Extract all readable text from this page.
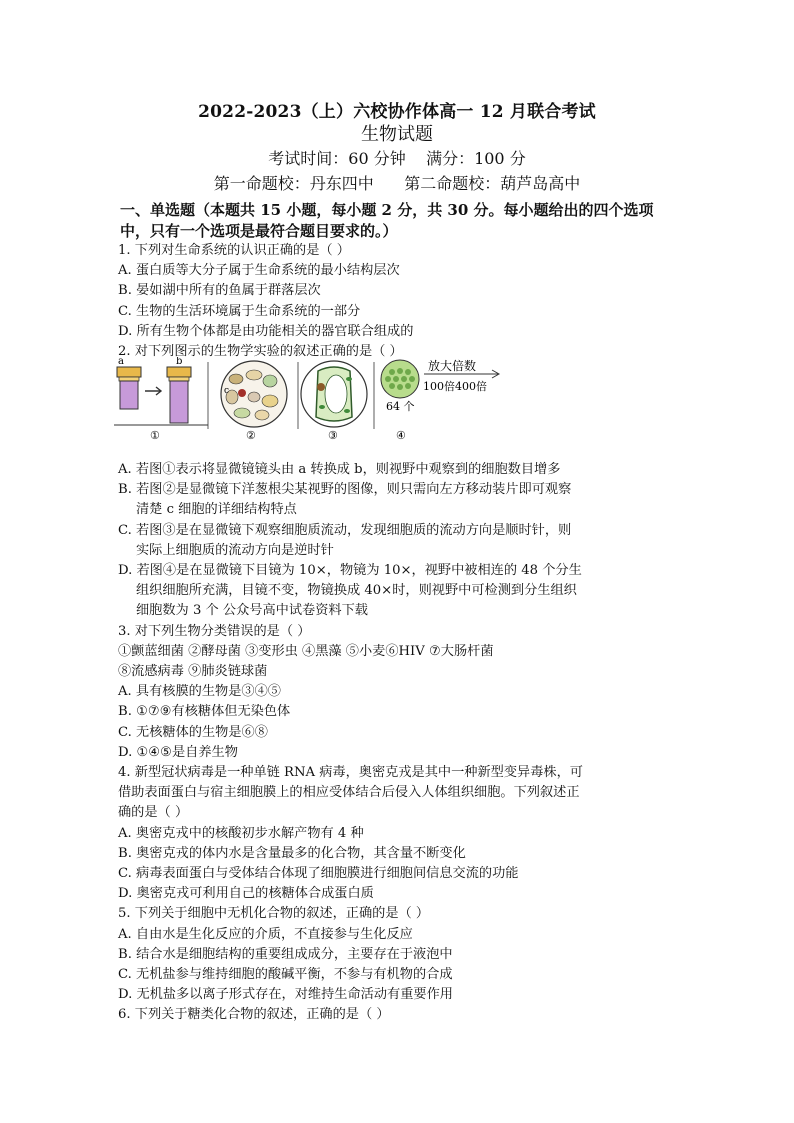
2022-2023（上）六校协作体高一 12 月联合考试
生物试题
考试时间：60 分钟    满分：100 分
第一命题校：丹东四中      第二命题校：葫芦岛高中
一、单选题（本题共 15 小题，每小题 2 分，共 30 分。每小题给出的四个选项
中，只有一个选项是最符合题目要求的。）
1. 下列对生命系统的认识正确的是（ ）
A. 蛋白质等大分子属于生命系统的最小结构层次
B. 晏如湖中所有的鱼属于群落层次
C. 生物的生活环境属于生命系统的一部分
D. 所有生物个体都是由功能相关的器官联合组成的
2. 对下列图示的生物学实验的叙述正确的是（ ）
a	b
①
c
②	③
64 个
放大倍数
100倍400倍
④
A. 若图①表示将显微镜镜头由 a 转换成 b，则视野中观察到的细胞数目增多
B. 若图②是显微镜下洋葱根尖某视野的图像，则只需向左方移动装片即可观察
清楚 c 细胞的详细结构特点
C. 若图③是在显微镜下观察细胞质流动，发现细胞质的流动方向是顺时针，则
实际上细胞质的流动方向是逆时针
D. 若图④是在显微镜下目镜为 10×，物镜为 10×，视野中被相连的 48 个分生
组织细胞所充满，目镜不变，物镜换成 40×时，则视野中可检测到分生组织
细胞数为 3 个 公众号高中试卷资料下载
3. 对下列生物分类错误的是（ ）
①颤蓝细菌 ②酵母菌 ③变形虫 ④黑藻 ⑤小麦⑥HIV ⑦大肠杆菌
⑧流感病毒 ⑨肺炎链球菌
A. 具有核膜的生物是③④⑤
B. ①⑦⑨有核糖体但无染色体
C. 无核糖体的生物是⑥⑧
D. ①④⑤是自养生物
4. 新型冠状病毒是一种单链 RNA 病毒，奥密克戎是其中一种新型变异毒株，可
借助表面蛋白与宿主细胞膜上的相应受体结合后侵入人体组织细胞。下列叙述正
确的是（ ）
A. 奥密克戎中的核酸初步水解产物有 4 种
B. 奥密克戎的体内水是含量最多的化合物，其含量不断变化
C. 病毒表面蛋白与受体结合体现了细胞膜进行细胞间信息交流的功能
D. 奥密克戎可利用自己的核糖体合成蛋白质
5. 下列关于细胞中无机化合物的叙述，正确的是（ ）
A. 自由水是生化反应的介质，不直接参与生化反应
B. 结合水是细胞结构的重要组成成分，主要存在于液泡中
C. 无机盐参与维持细胞的酸碱平衡，不参与有机物的合成
D. 无机盐多以离子形式存在，对维持生命活动有重要作用
6. 下列关于糖类化合物的叙述，正确的是（ ）
